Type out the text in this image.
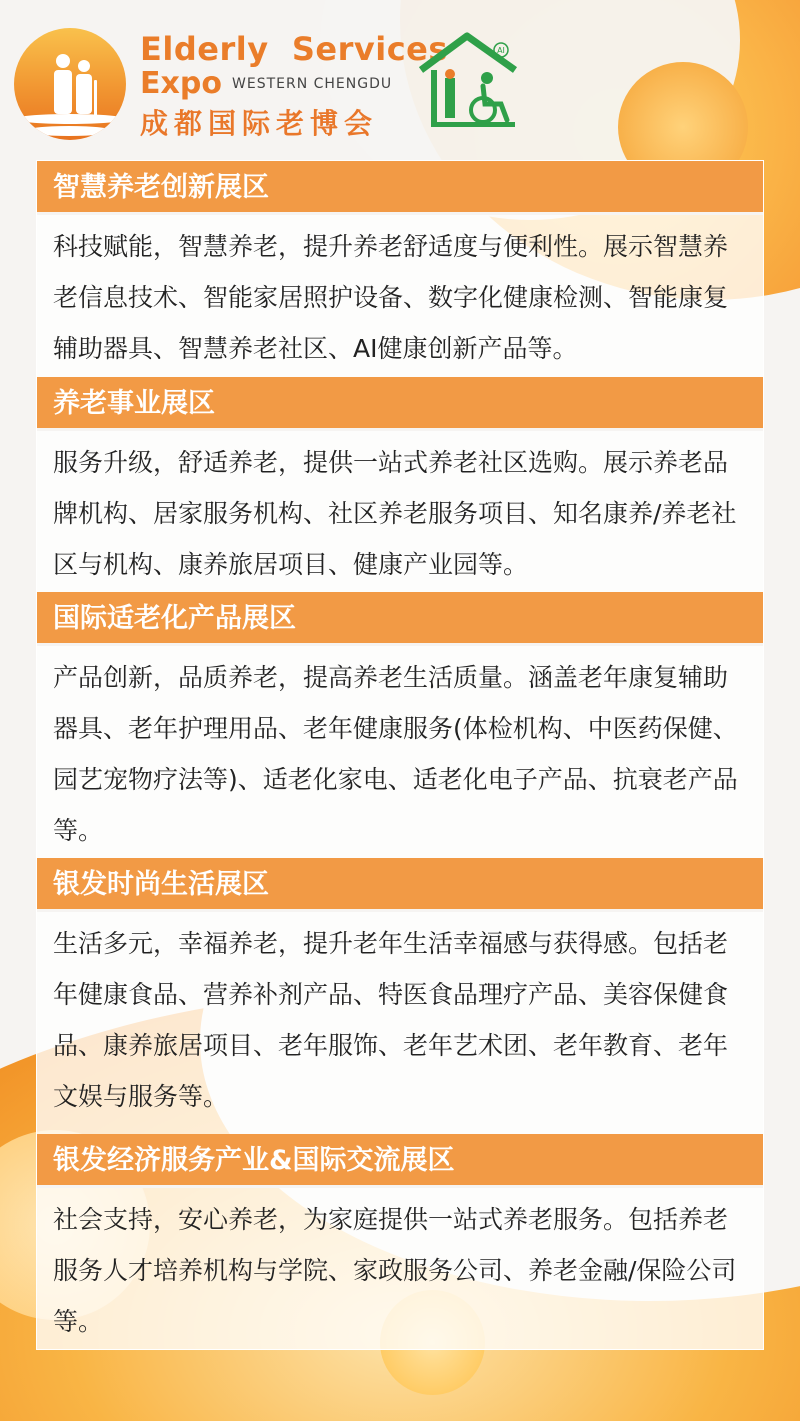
Elderly  Services
Expo WESTERN CHENGDU
成都国际老博会
AI
智慧养老创新展区
科技赋能，智慧养老，提升养老舒适度与便利性。展示智慧养老信息技术、智能家居照护设备、数字化健康检测、智能康复辅助器具、智慧养老社区、AI健康创新产品等。
养老事业展区
服务升级，舒适养老，提供一站式养老社区选购。展示养老品牌机构、居家服务机构、社区养老服务项目、知名康养/养老社区与机构、康养旅居项目、健康产业园等。
国际适老化产品展区
产品创新，品质养老，提高养老生活质量。涵盖老年康复辅助器具、老年护理用品、老年健康服务(体检机构、中医药保健、园艺宠物疗法等)、适老化家电、适老化电子产品、抗衰老产品等。
银发时尚生活展区
生活多元，幸福养老，提升老年生活幸福感与获得感。包括老年健康食品、营养补剂产品、特医食品理疗产品、美容保健食品、康养旅居项目、老年服饰、老年艺术团、老年教育、老年文娱与服务等。
银发经济服务产业&国际交流展区
社会支持，安心养老，为家庭提供一站式养老服务。包括养老服务人才培养机构与学院、家政服务公司、养老金融/保险公司等。
